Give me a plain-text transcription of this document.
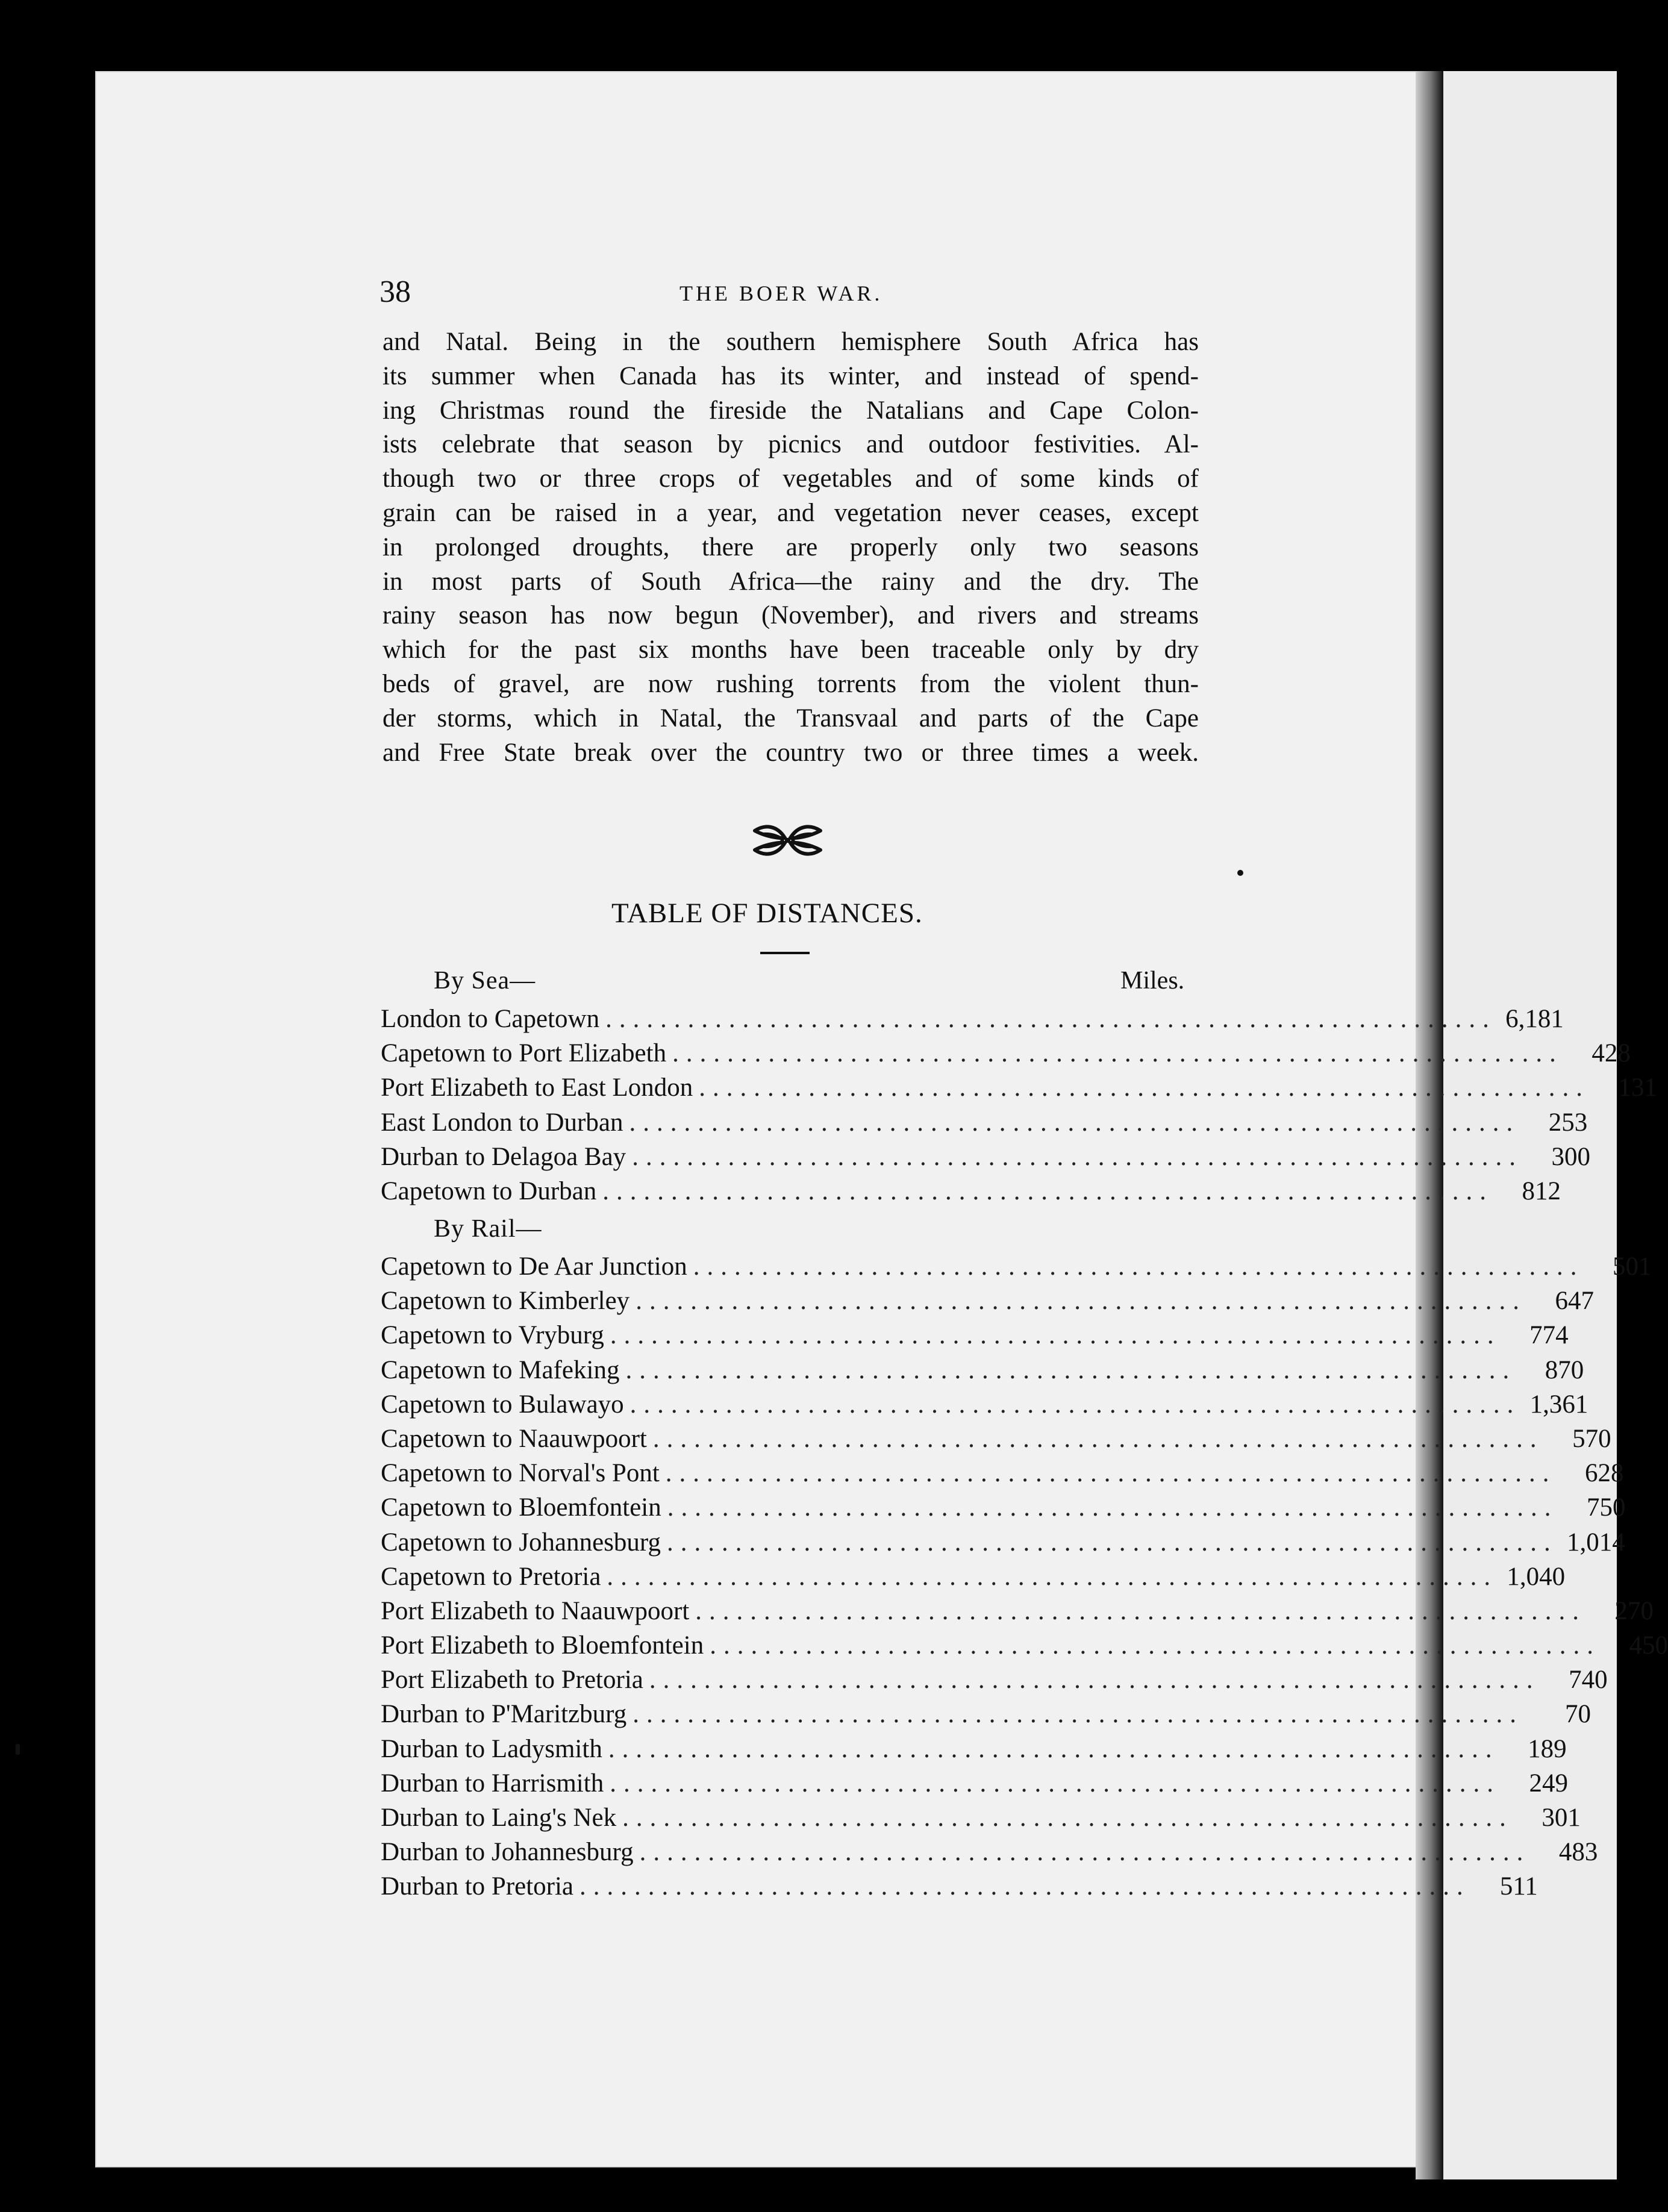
38	THE BOER WAR.

and Natal. Being in the southern hemisphere South Africa has
its summer when Canada has its winter, and instead of spend-
ing Christmas round the fireside the Natalians and Cape Colon-
ists celebrate that season by picnics and outdoor festivities. Al-
though two or three crops of vegetables and of some kinds of
grain can be raised in a year, and vegetation never ceases, except
in prolonged droughts, there are properly only two seasons
in most parts of South Africa—the rainy and the dry. The
rainy season has now begun (November), and rivers and streams
which for the past six months have been traceable only by dry
beds of gravel, are now rushing torrents from the violent thun-
der storms, which in Natal, the Transvaal and parts of the Cape
and Free State break over the country two or three times a week.

TABLE OF DISTANCES.
By Sea—	Miles.
London to Capetown ................................................................. 6,181
Capetown to Port Elizabeth .................................................................	428
Port Elizabeth to East London .................................................................	131
East London to Durban .................................................................	253
Durban to Delagoa Bay .................................................................	300
Capetown to Durban .................................................................	812
By Rail—
Capetown to De Aar Junction .................................................................	501
Capetown to Kimberley .................................................................	647
Capetown to Vryburg .................................................................	774
Capetown to Mafeking .................................................................	870
Capetown to Bulawayo ................................................................. 1,361
Capetown to Naauwpoort .................................................................	570
Capetown to Norval's Pont .................................................................	628
Capetown to Bloemfontein .................................................................	750
Capetown to Johannesburg ................................................................. 1,014
Capetown to Pretoria ................................................................. 1,040
Port Elizabeth to Naauwpoort .................................................................	270
Port Elizabeth to Bloemfontein .................................................................	450
Port Elizabeth to Pretoria .................................................................	740
Durban to P'Maritzburg .................................................................	70
Durban to Ladysmith .................................................................	189
Durban to Harrismith .................................................................	249
Durban to Laing's Nek .................................................................	301
Durban to Johannesburg .................................................................	483
Durban to Pretoria .................................................................	511
